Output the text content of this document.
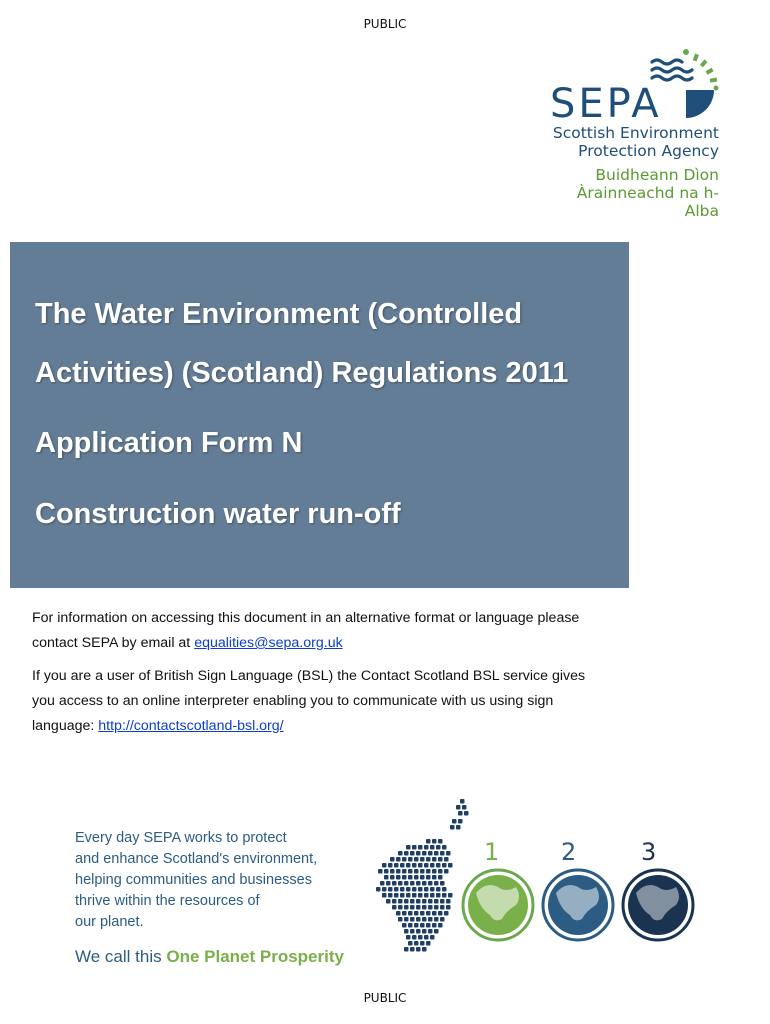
PUBLIC
SEPA
Scottish Environment
Protection Agency
Buidheann Dìon
Àrainneachd na h-Alba
The Water Environment (Controlled
Activities) (Scotland) Regulations 2011
Application Form N
Construction water run-off
For information on accessing this document in an alternative format or language please contact SEPA by email at equalities@sepa.org.uk
If you are a user of British Sign Language (BSL) the Contact Scotland BSL service gives you access to an online interpreter enabling you to communicate with us using sign language: http://contactscotland-bsl.org/
Every day SEPA works to protect
and enhance Scotland's environment,
helping communities and businesses
thrive within the resources of
our planet.
We call this One Planet Prosperity
1	2	3
PUBLIC
